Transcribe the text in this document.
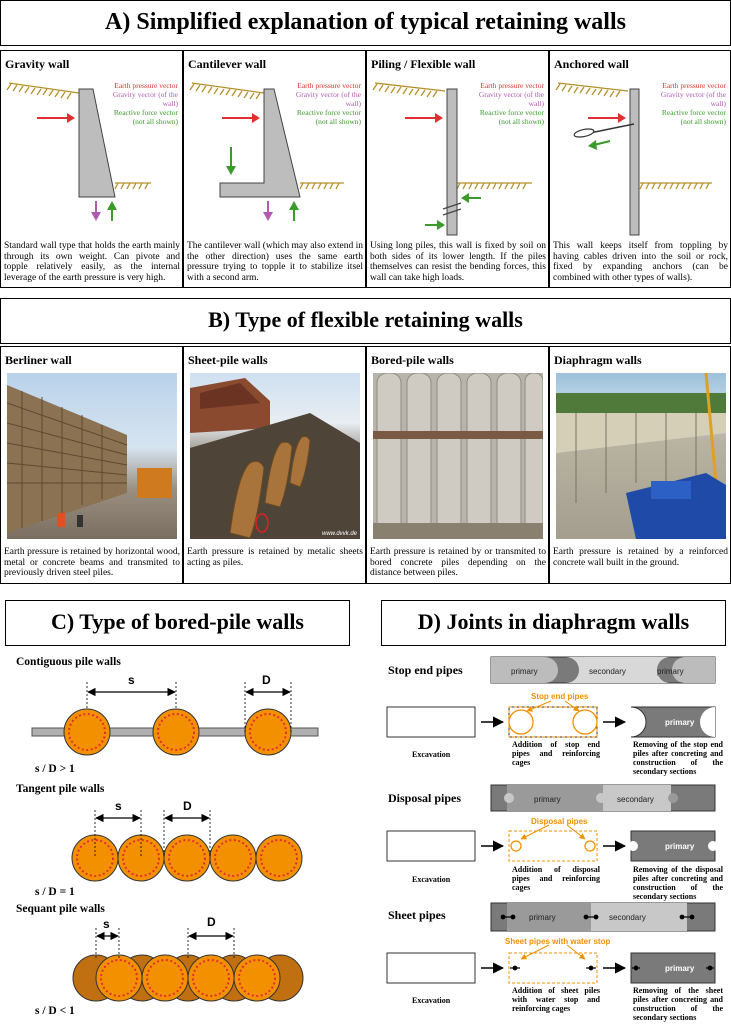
A) Simplified explanation of typical retaining walls
Gravity wall
Earth pressure vector
Gravity vector (of the wall)
Reactive force vector (not all shown)
Standard wall type that holds the earth mainly through its own weight. Can pivote and topple relatively easily, as the internal leverage of the earth pressure is very high.
Cantilever wall
Earth pressure vector
Gravity vector (of the wall)
Reactive force vector (not all shown)
The cantilever wall (which may also extend in the other direction) uses the same earth pressure trying to topple it to stabilize itsel with a second arm.
Piling / Flexible wall
Earth pressure vector
Gravity vector (of the wall)
Reactive force vector (not all shown)
Using long piles, this wall is fixed by soil on both sides of its lower length. If the piles themselves can resist the bending forces, this wall can take high loads.
Anchored wall
Earth pressure vector
Gravity vector (of the wall)
Reactive force vector (not all shown)
This wall keeps itself from toppling by having cables driven into the soil or rock, fixed by expanding anchors (can be combined with other types of walls).
B) Type of flexible retaining walls
Berliner wall
Earth pressure is retained by horizontal wood, metal or concrete beams and transmited to previously driven steel piles.
Sheet-pile walls
www.dvvk.de
Earth pressure is retained by metalic sheets acting as piles.
Bored-pile walls
Earth pressure is retained by or transmited to bored concrete piles depending on the distance between piles.
Diaphragm walls
Earth pressure is retained by a reinforced concrete wall built in the ground.
C) Type of bored-pile walls
Contiguous pile walls
Tangent pile walls
Sequant pile walls
s / D > 1
s / D = 1
s / D < 1
s	D
s	D
s	D
D) Joints in diaphragm walls
Stop end pipes
Disposal pipes
Sheet pipes
primary	secondary	primary
Stop end pipes
primary
primary	secondary
Disposal pipes
primary
primary	secondary
Sheet pipes with water stop
primary
Excavation
Addition of stop end pipes and reinforcing cages
Removing of the stop end piles after concreting and construction of the secondary sections
Excavation
Addition of disposal pipes and reinforcing cages
Removing of the disposal piles after concreting and construction of the secondary sections
Excavation
Addition of sheet piles with water stop and reinforcing cages
Removing of the sheet piles after concreting and construction of the secondary sections
